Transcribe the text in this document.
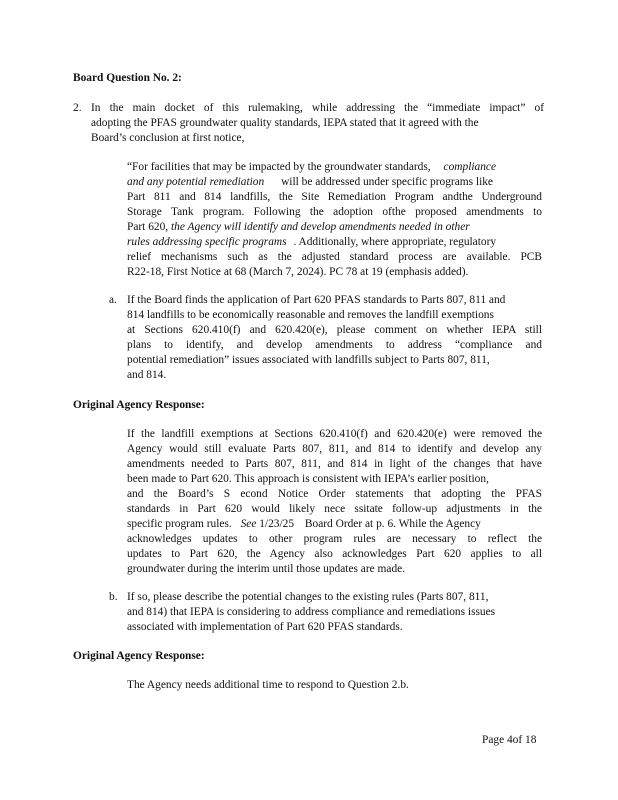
Board Question No. 2:
2. In the main docket of this rulemaking, while addressing the “immediate impact” of
adopting the PFAS groundwater quality standards, IEPA stated that it agreed with the
Board’s conclusion at first notice,
“For facilities that may be impacted by the groundwater standards, compliance
and any potential remediation will be addressed under specific programs like
Part 811 and 814 landfills, the Site Remediation Program andthe Underground
Storage Tank program. Following the adoption ofthe proposed amendments to
Part 620, the Agency will identify and develop amendments needed in other
rules addressing specific programs . Additionally, where appropriate, regulatory
relief mechanisms such as the adjusted standard process are available. PCB
R22-18, First Notice at 68 (March 7, 2024). PC 78 at 19 (emphasis added).
a. If the Board finds the application of Part 620 PFAS standards to Parts 807, 811 and
814 landfills to be economically reasonable and removes the landfill exemptions
at Sections 620.410(f) and 620.420(e), please comment on whether IEPA still
plans to identify, and develop amendments to address “compliance and
potential remediation” issues associated with landfills subject to Parts 807, 811,
and 814.
Original Agency Response:
If the landfill exemptions at Sections 620.410(f) and 620.420(e) were removed the
Agency would still evaluate Parts 807, 811, and 814 to identify and develop any
amendments needed to Parts 807, 811, and 814 in light of the changes that have
been made to Part 620. This approach is consistent with IEPA’s earlier position,
and the Board’s S econd Notice Order statements that adopting the PFAS
standards in Part 620 would likely nece ssitate follow-up adjustments in the
specific program rules. See 1/23/25 Board Order at p. 6. While the Agency
acknowledges updates to other program rules are necessary to reflect the
updates to Part 620, the Agency also acknowledges Part 620 applies to all
groundwater during the interim until those updates are made.
b. If so, please describe the potential changes to the existing rules (Parts 807, 811,
and 814) that IEPA is considering to address compliance and remediations issues
associated with implementation of Part 620 PFAS standards.
Original Agency Response:
The Agency needs additional time to respond to Question 2.b.
Page 4of 18
